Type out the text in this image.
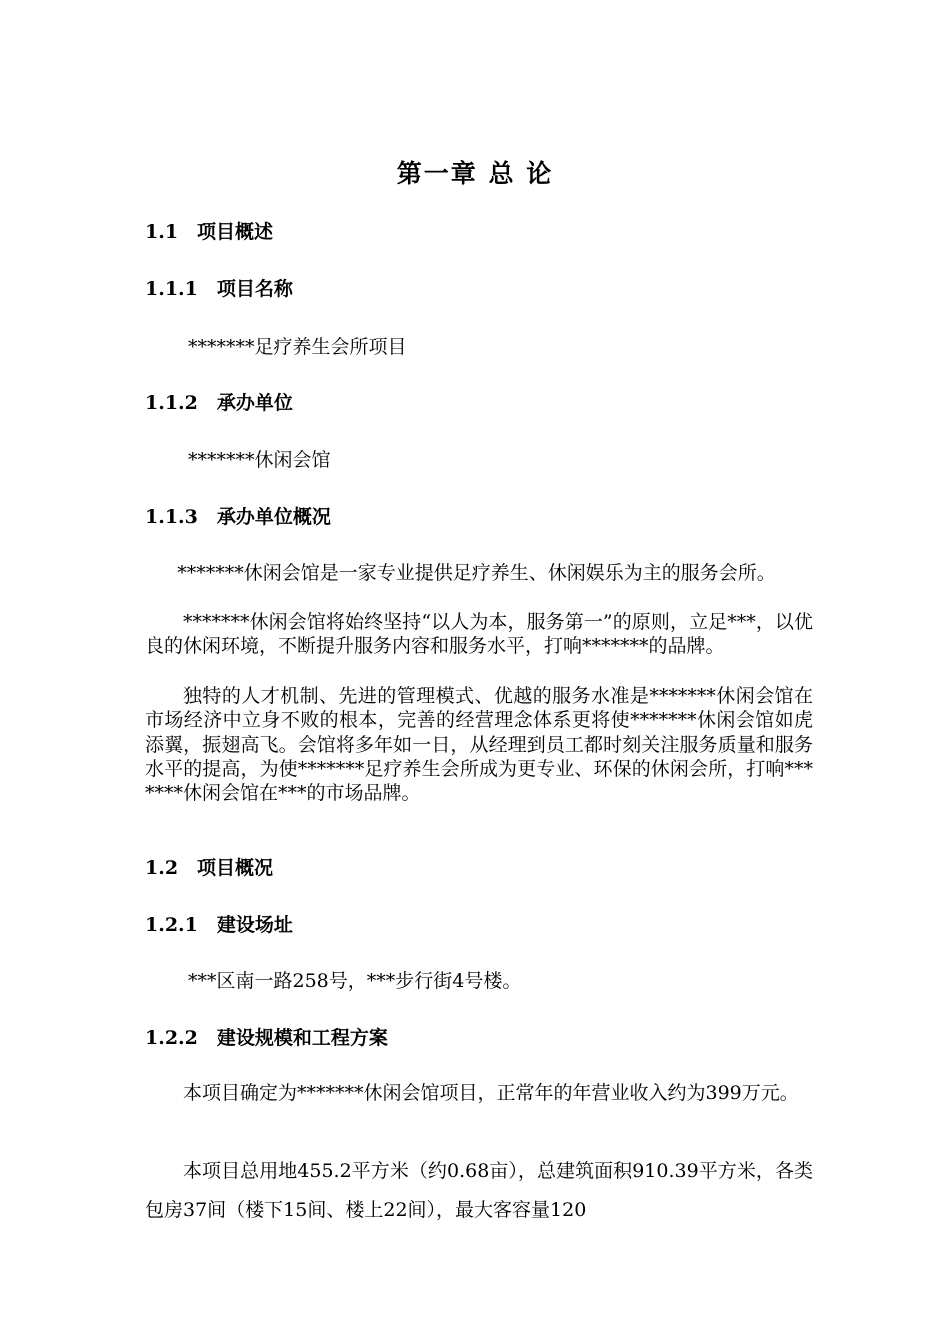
第一章 总 论
1.1　项目概述
1.1.1　项目名称
*******足疗养生会所项目
1.1.2　承办单位
*******休闲会馆
1.1.3　承办单位概况
*******休闲会馆是一家专业提供足疗养生、休闲娱乐为主的服务会所。
*******休闲会馆将始终坚持“以人为本，服务第一”的原则，立足***，以优良的休闲环境，不断提升服务内容和服务水平，打响*******的品牌。
独特的人才机制、先进的管理模式、优越的服务水准是*******休闲会馆在市场经济中立身不败的根本，完善的经营理念体系更将使*******休闲会馆如虎添翼，振翅高飞。会馆将多年如一日，从经理到员工都时刻关注服务质量和服务水平的提高，为使*******足疗养生会所成为更专业、环保的休闲会所，打响*******休闲会馆在***的市场品牌。
1.2　项目概况
1.2.1　建设场址
***区南一路258号，***步行街4号楼。
1.2.2　建设规模和工程方案
本项目确定为*******休闲会馆项目，正常年的年营业收入约为399万元。
本项目总用地455.2平方米（约0.68亩），总建筑面积910.39平方米，各类包房37间（楼下15间、楼上22间），最大客容量120
